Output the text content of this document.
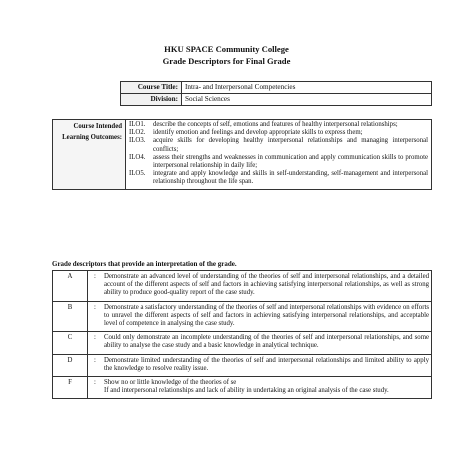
HKU SPACE Community College
Grade Descriptors for Final Grade
Course Title:	Intra- and Interpersonal Competencies
Division:	Social Sciences
Course Intended Learning Outcomes:	
ILO1.	describe the concepts of self, emotions and features of healthy interpersonal relationships;
ILO2.	identify emotion and feelings and develop appropriate skills to express them;
ILO3.	acquire skills for developing healthy interpersonal relationships and managing interpersonal conflicts;
ILO4.	assess their strengths and weaknesses in communication and apply communication skills to promote interpersonal relationship in daily life;
ILO5.	integrate and apply knowledge and skills in self-understanding, self-management and interpersonal relationship throughout the life span.
Grade descriptors that provide an interpretation of the grade.
A	:	Demonstrate an advanced level of understanding of the theories of self and interpersonal relationships, and a detailed account of the different aspects of self and factors in achieving satisfying interpersonal relationships, as well as strong ability to produce good-quality report of the case study.
B	:	Demonstrate a satisfactory understanding of the theories of self and interpersonal relationships with evidence on efforts to unravel the different aspects of self and factors in achieving satisfying interpersonal relationships, and acceptable level of competence in analysing the case study.
C	:	Could only demonstrate an incomplete understanding of the theories of self and interpersonal relationships, and some ability to analyse the case study and a basic knowledge in analytical technique.
D	:	Demonstrate limited understanding of the theories of self and interpersonal relationships and limited ability to apply the knowledge to resolve reality issue.
F	:	Show no or little knowledge of the theories of se
If and interpersonal relationships and lack of ability in undertaking an original analysis of the case study.
